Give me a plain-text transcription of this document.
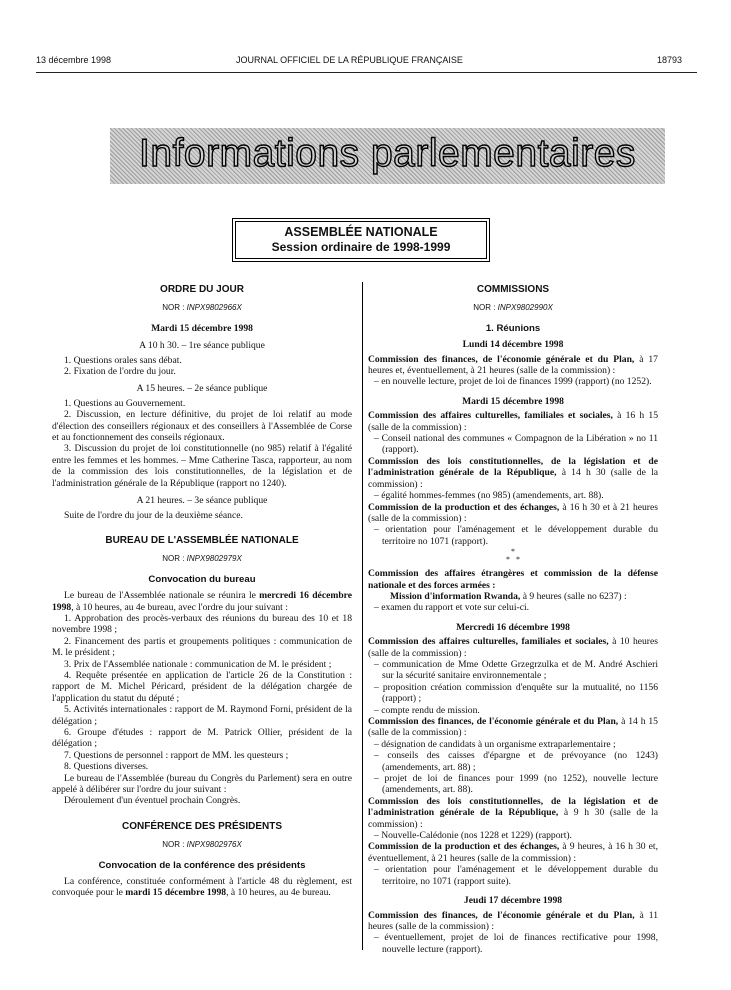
13 décembre 1998	JOURNAL OFFICIEL DE LA RÉPUBLIQUE FRANÇAISE	18793
Informations parlementaires
ASSEMBLÉE NATIONALE
Session ordinaire de 1998-1999
ORDRE DU JOUR
NOR : INPX9802966X
Mardi 15 décembre 1998
A 10 h 30. – 1re séance publique
1. Questions orales sans débat.
2. Fixation de l'ordre du jour.
A 15 heures. – 2e séance publique
1. Questions au Gouvernement.
2. Discussion, en lecture définitive, du projet de loi relatif au mode d'élection des conseillers régionaux et des conseillers à l'Assemblée de Corse et au fonctionnement des conseils régionaux.
3. Discussion du projet de loi constitutionnelle (no 985) relatif à l'égalité entre les femmes et les hommes. – Mme Catherine Tasca, rapporteur, au nom de la commission des lois constitutionnelles, de la législation et de l'administration générale de la République (rapport no 1240).
A 21 heures. – 3e séance publique
Suite de l'ordre du jour de la deuxième séance.
BUREAU DE L'ASSEMBLÉE NATIONALE
NOR : INPX9802979X
Convocation du bureau
Le bureau de l'Assemblée nationale se réunira le mercredi 16 décembre 1998, à 10 heures, au 4e bureau, avec l'ordre du jour suivant :
1. Approbation des procès-verbaux des réunions du bureau des 10 et 18 novembre 1998 ;
2. Financement des partis et groupements politiques : communication de M. le président ;
3. Prix de l'Assemblée nationale : communication de M. le président ;
4. Requête présentée en application de l'article 26 de la Constitution : rapport de M. Michel Péricard, président de la délégation chargée de l'application du statut du député ;
5. Activités internationales : rapport de M. Raymond Forni, président de la délégation ;
6. Groupe d'études : rapport de M. Patrick Ollier, président de la délégation ;
7. Questions de personnel : rapport de MM. les questeurs ;
8. Questions diverses.
Le bureau de l'Assemblée (bureau du Congrès du Parlement) sera en outre appelé à délibérer sur l'ordre du jour suivant :
Déroulement d'un éventuel prochain Congrès.
CONFÉRENCE DES PRÉSIDENTS
NOR : INPX9802976X
Convocation de la conférence des présidents
La conférence, constituée conformément à l'article 48 du règlement, est convoquée pour le mardi 15 décembre 1998, à 10 heures, au 4e bureau.
COMMISSIONS
NOR : INPX9802990X
1. Réunions
Lundi 14 décembre 1998
Commission des finances, de l'économie générale et du Plan, à 17 heures et, éventuellement, à 21 heures (salle de la commission) :
– en nouvelle lecture, projet de loi de finances 1999 (rapport) (no 1252).
Mardi 15 décembre 1998
Commission des affaires culturelles, familiales et sociales, à 16 h 15 (salle de la commission) :
– Conseil national des communes « Compagnon de la Libération » no 11 (rapport).
Commission des lois constitutionnelles, de la législation et de l'administration générale de la République, à 14 h 30 (salle de la commission) :
– égalité hommes-femmes (no 985) (amendements, art. 88).
Commission de la production et des échanges, à 16 h 30 et à 21 heures (salle de la commission) :
– orientation pour l'aménagement et le développement durable du territoire no 1071 (rapport).
*
*   *
Commission des affaires étrangères et commission de la défense nationale et des forces armées :
Mission d'information Rwanda, à 9 heures (salle no 6237) :
– examen du rapport et vote sur celui-ci.
Mercredi 16 décembre 1998
Commission des affaires culturelles, familiales et sociales, à 10 heures (salle de la commission) :
– communication de Mme Odette Grzegrzulka et de M. André Aschieri sur la sécurité sanitaire environnementale ;
– proposition création commission d'enquête sur la mutualité, no 1156 (rapport) ;
– compte rendu de mission.
Commission des finances, de l'économie générale et du Plan, à 14 h 15 (salle de la commission) :
– désignation de candidats à un organisme extraparlementaire ;
– conseils des caisses d'épargne et de prévoyance (no 1243) (amendements, art. 88) ;
– projet de loi de finances pour 1999 (no 1252), nouvelle lecture (amendements, art. 88).
Commission des lois constitutionnelles, de la législation et de l'administration générale de la République, à 9 h 30 (salle de la commission) :
– Nouvelle-Calédonie (nos 1228 et 1229) (rapport).
Commission de la production et des échanges, à 9 heures, à 16 h 30 et, éventuellement, à 21 heures (salle de la commission) :
– orientation pour l'aménagement et le développement durable du territoire, no 1071 (rapport suite).
Jeudi 17 décembre 1998
Commission des finances, de l'économie générale et du Plan, à 11 heures (salle de la commission) :
– éventuellement, projet de loi de finances rectificative pour 1998, nouvelle lecture (rapport).
